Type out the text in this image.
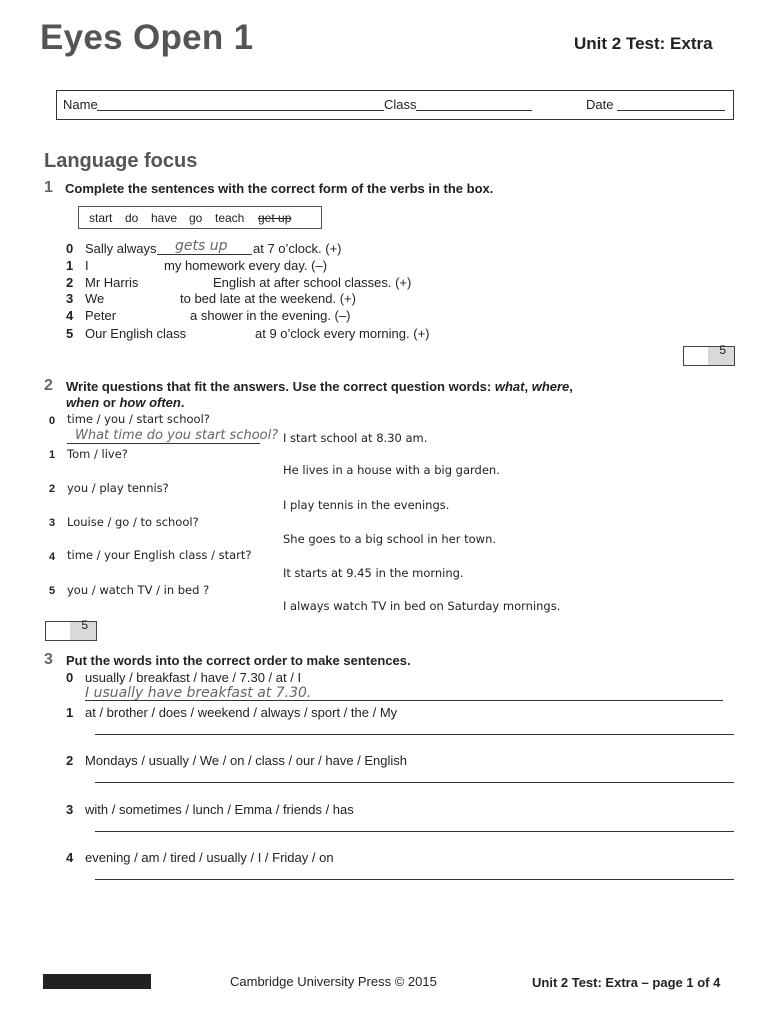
Eyes Open 1	Unit 2 Test: Extra
Name	Class	Date
Language focus
1 Complete the sentences with the correct form of the verbs in the box.
start do have go teach get up
0 Sally always gets up at 7 o’clock. (+)
1 I	my homework every day. (–)
2 Mr Harris	English at after school classes. (+)
3 We	to bed late at the weekend. (+)
4 Peter	a shower in the evening. (–)
5 Our English class	at 9 o’clock every morning. (+)
5
2 Write questions that fit the answers. Use the correct question words: what, where,
when or how often.
0 time / you / start school?
What time do you start school? I start school at 8.30 am.
1 Tom / live?
He lives in a house with a big garden.
2 you / play tennis?
I play tennis in the evenings.
3 Louise / go / to school?
She goes to a big school in her town.
4 time / your English class / start?
It starts at 9.45 in the morning.
5 you / watch TV / in bed ?
I always watch TV in bed on Saturday mornings.
5
3 Put the words into the correct order to make sentences.
0 usually / breakfast / have / 7.30 / at / I
I usually have breakfast at 7.30.
1 at / brother / does / weekend / always / sport / the / My
2 Mondays / usually / We / on / class / our / have / English
3 with / sometimes / lunch / Emma / friends / has
4 evening / am / tired / usually / I / Friday / on
Cambridge University Press © 2015	Unit 2 Test: Extra – page 1 of 4
